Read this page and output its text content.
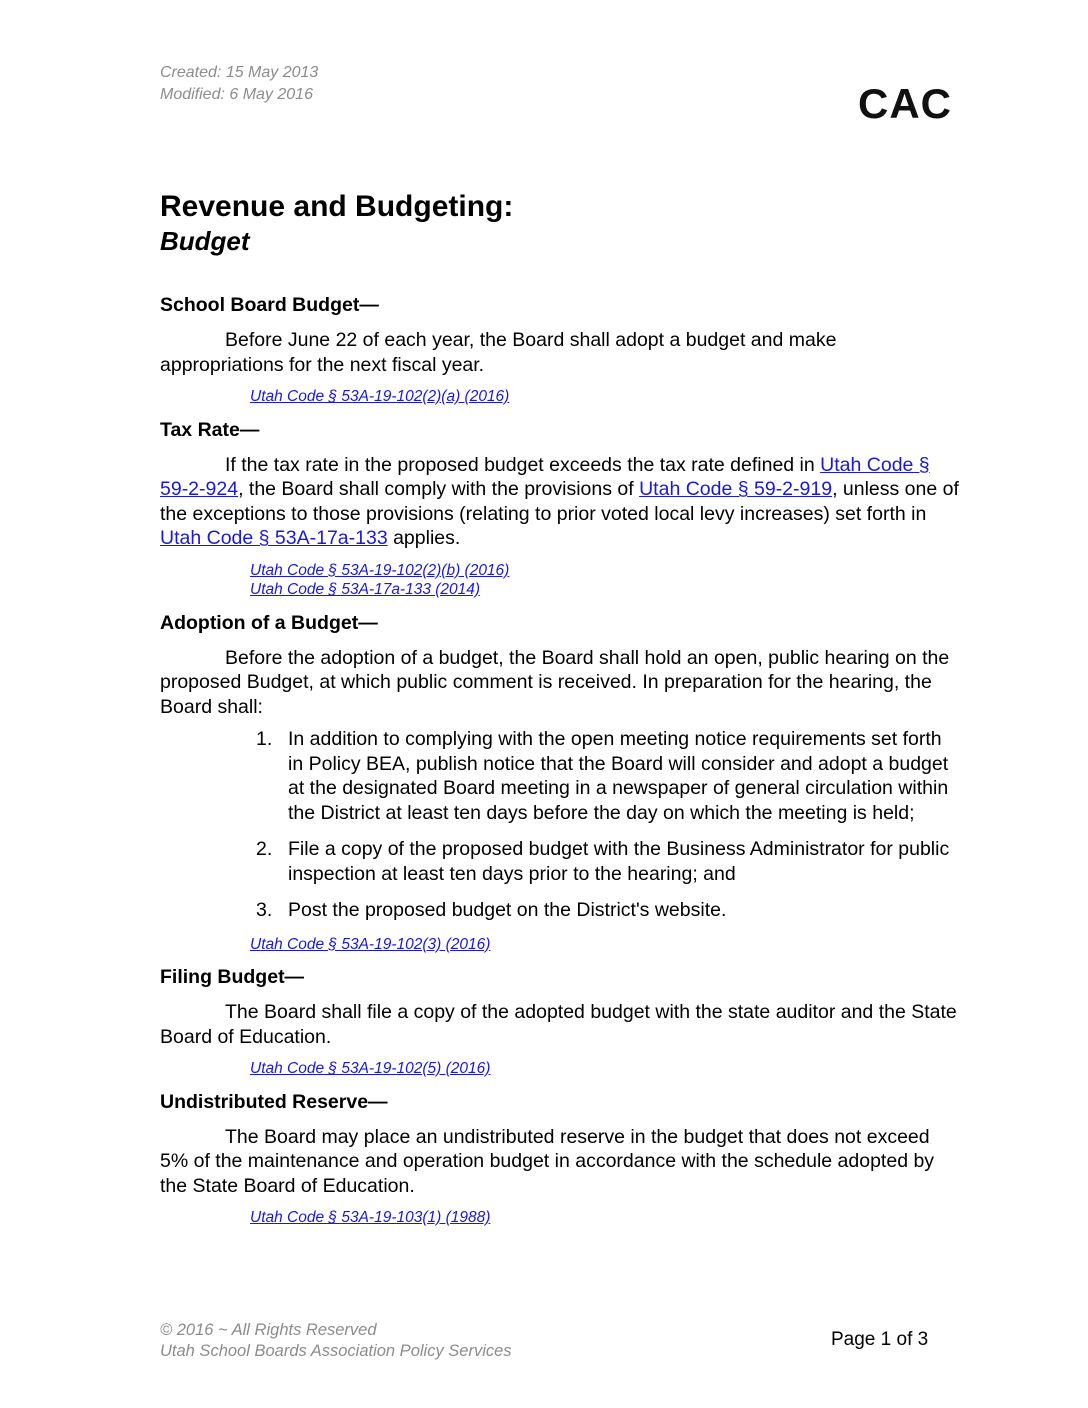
Created: 15 May 2013
Modified: 6 May 2016	CAC
Revenue and Budgeting:
Budget
School Board Budget—

Before June 22 of each year, the Board shall adopt a budget and make appropriations for the next fiscal year.

Utah Code § 53A-19-102(2)(a) (2016)
Tax Rate—

If the tax rate in the proposed budget exceeds the tax rate defined in Utah Code § 59-2-924, the Board shall comply with the provisions of Utah Code § 59-2-919, unless one of the exceptions to those provisions (relating to prior voted local levy increases) set forth in Utah Code § 53A-17a-133 applies.

Utah Code § 53A-19-102(2)(b) (2016)
Utah Code § 53A-17a-133 (2014)
Adoption of a Budget—

Before the adoption of a budget, the Board shall hold an open, public hearing on the proposed Budget, at which public comment is received. In preparation for the hearing, the Board shall:

1. In addition to complying with the open meeting notice requirements set forth in Policy BEA, publish notice that the Board will consider and adopt a budget at the designated Board meeting in a newspaper of general circulation within the District at least ten days before the day on which the meeting is held;
2. File a copy of the proposed budget with the Business Administrator for public inspection at least ten days prior to the hearing; and
3. Post the proposed budget on the District's website.
Utah Code § 53A-19-102(3) (2016)
Filing Budget—

The Board shall file a copy of the adopted budget with the state auditor and the State Board of Education.

Utah Code § 53A-19-102(5) (2016)
Undistributed Reserve—

The Board may place an undistributed reserve in the budget that does not exceed 5% of the maintenance and operation budget in accordance with the schedule adopted by the State Board of Education.

Utah Code § 53A-19-103(1) (1988)
© 2016 ~ All Rights Reserved
Utah School Boards Association Policy Services
Page 1 of 3
